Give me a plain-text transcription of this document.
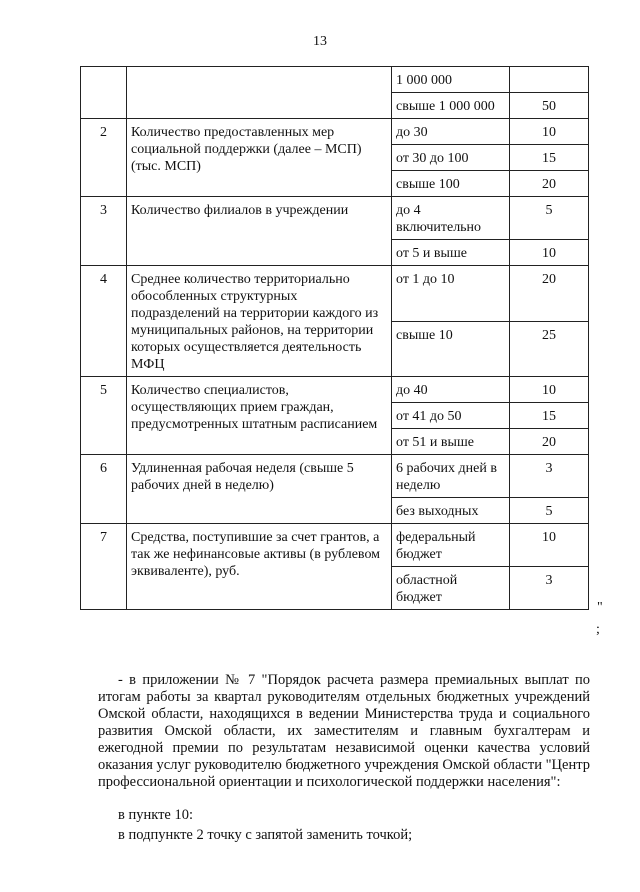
13
		1 000 000	
		свыше 1 000 000	50
2	Количество предоставленных мер социальной поддержки (далее – МСП) (тыс. МСП)	до 30	10
		от 30 до 100	15
		свыше 100	20
3	Количество филиалов в учреждении	до 4 включительно	5
		от 5 и выше	10
4	Среднее количество территориально обособленных структурных подразделений на территории каждого из муниципальных районов, на территории которых осуществляется деятельность МФЦ	от 1 до 10	20
		свыше 10	25
5	Количество специалистов, осуществляющих прием граждан, предусмотренных штатным расписанием	до 40	10
		от 41 до 50	15
		от 51 и выше	20
6	Удлиненная рабочая неделя (свыше 5 рабочих дней в неделю)	6 рабочих дней в неделю	3
		без выходных	5
7	Средства, поступившие за счет грантов, а так же нефинансовые активы (в рублевом эквиваленте), руб.	федеральный бюджет	10
		областной бюджет	3
"
;
- в приложении № 7 "Порядок расчета размера премиальных выплат по итогам работы за квартал руководителям отдельных бюджетных учреждений Омской области, находящихся в ведении Министерства труда и социального развития Омской области, их заместителям и главным бухгалтерам и ежегодной премии по результатам независимой оценки качества условий оказания услуг руководителю бюджетного учреждения Омской области "Центр профессиональной ориентации и психологической поддержки населения":
в пункте 10:
в подпункте 2 точку с запятой заменить точкой;
